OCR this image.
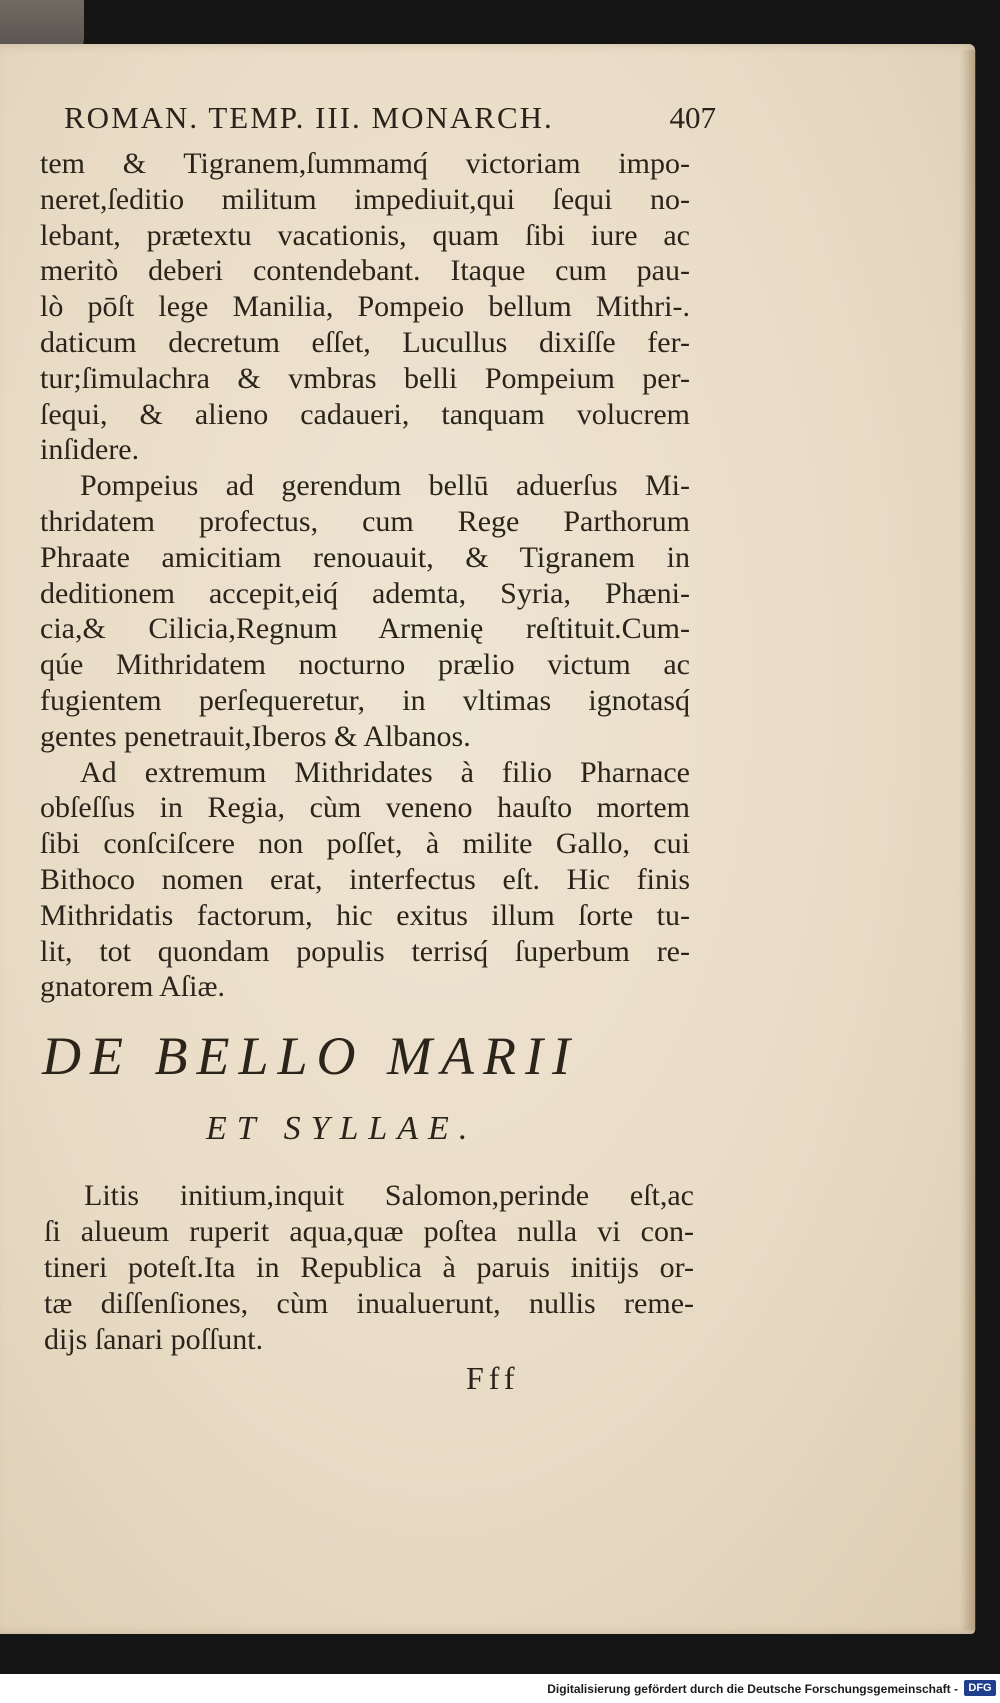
ROMAN. TEMP. III. MONARCH.	407
tem & Tigranem,ſummamq́ victoriam impo-
neret,ſeditio militum impediuit,qui ſequi no-
lebant, prætextu vacationis, quam ſibi iure ac
meritò deberi contendebant. Itaque cum pau-
lò pōſt lege Manilia, Pompeio bellum Mithri-.
daticum decretum eſſet, Lucullus dixiſſe fer-
tur;ſimulachra & vmbras belli Pompeium per-
ſequi, & alieno cadaueri, tanquam volucrem
inſidere.
Pompeius ad gerendum bellū aduerſus Mi-
thridatem profectus, cum Rege Parthorum
Phraate amicitiam renouauit, & Tigranem in
deditionem accepit,eiq́ ademta, Syria, Phæni-
cia,& Cilicia,Regnum Armenię reſtituit.Cum-
qúe Mithridatem nocturno prælio victum ac
fugientem perſequeretur, in vltimas ignotasq́
gentes penetrauit,Iberos & Albanos.
Ad extremum Mithridates à filio Pharnace
obſeſſus in Regia, cùm veneno hauſto mortem
ſibi conſciſcere non poſſet, à milite Gallo, cui
Bithoco nomen erat, interfectus eſt. Hic finis
Mithridatis factorum, hic exitus illum ſorte tu-
lit, tot quondam populis terrisq́ ſuperbum re-
gnatorem Aſiæ.
DE BELLO MARII
ET SYLLAE.
Litis initium,inquit Salomon,perinde eſt,ac
ſi alueum ruperit aqua,quæ poſtea nulla vi con-
tineri poteſt.Ita in Republica à paruis initijs or-
tæ diſſenſiones, cùm inualuerunt, nullis reme-
dijs ſanari poſſunt.
Fff
Digitalisierung gefördert durch die Deutsche Forschungsgemeinschaft - DFG
